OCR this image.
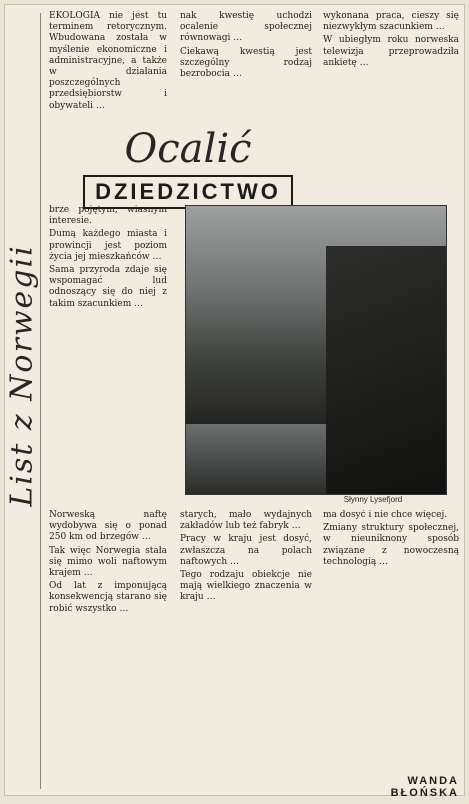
List z Norwegii

EKOLOGIA nie jest tu terminem retorycznym. Wbudowana została w myślenie ekonomiczne i administracyjne, a także w działania poszczególnych przedsiębiorstw i obywateli …

nak kwestię uchodzi ocalenie społecznej równowagi …

Ciekawą kwestią jest szczególny rodzaj bezrobocia …

wykonana praca, cieszy się niezwykłym szacunkiem …

W ubiegłym roku norweska telewizja przeprowadziła ankietę …

Ocalić
DZIEDZICTWO

brze pojętym, wiasnym interesie.

Dumą każdego miasta i prowincji jest poziom życia jej mieszkańców …

Sama przyroda zdaje się wspomagać lud odnoszący się do niej z takim szacunkiem …

Słynny Lysefjord

Norweską naftę wydobywa się o ponad 250 km od brzegów …

Tak więc Norwegia stała się mimo woli naftowym krajem …

Od lat z imponującą konsekwencją starano się robić wszystko …

starych, mało wydajnych zakładów lub też fabryk …

Pracy w kraju jest dosyć, zwłaszcza na polach naftowych …

Tego rodzaju obiekcje nie mają wielkiego znaczenia w kraju …

ma dosyć i nie chce więcej.

Zmiany struktury społecznej, w nieuniknony sposób związane z nowoczesną technologią …

WANDA BŁOŃSKA
